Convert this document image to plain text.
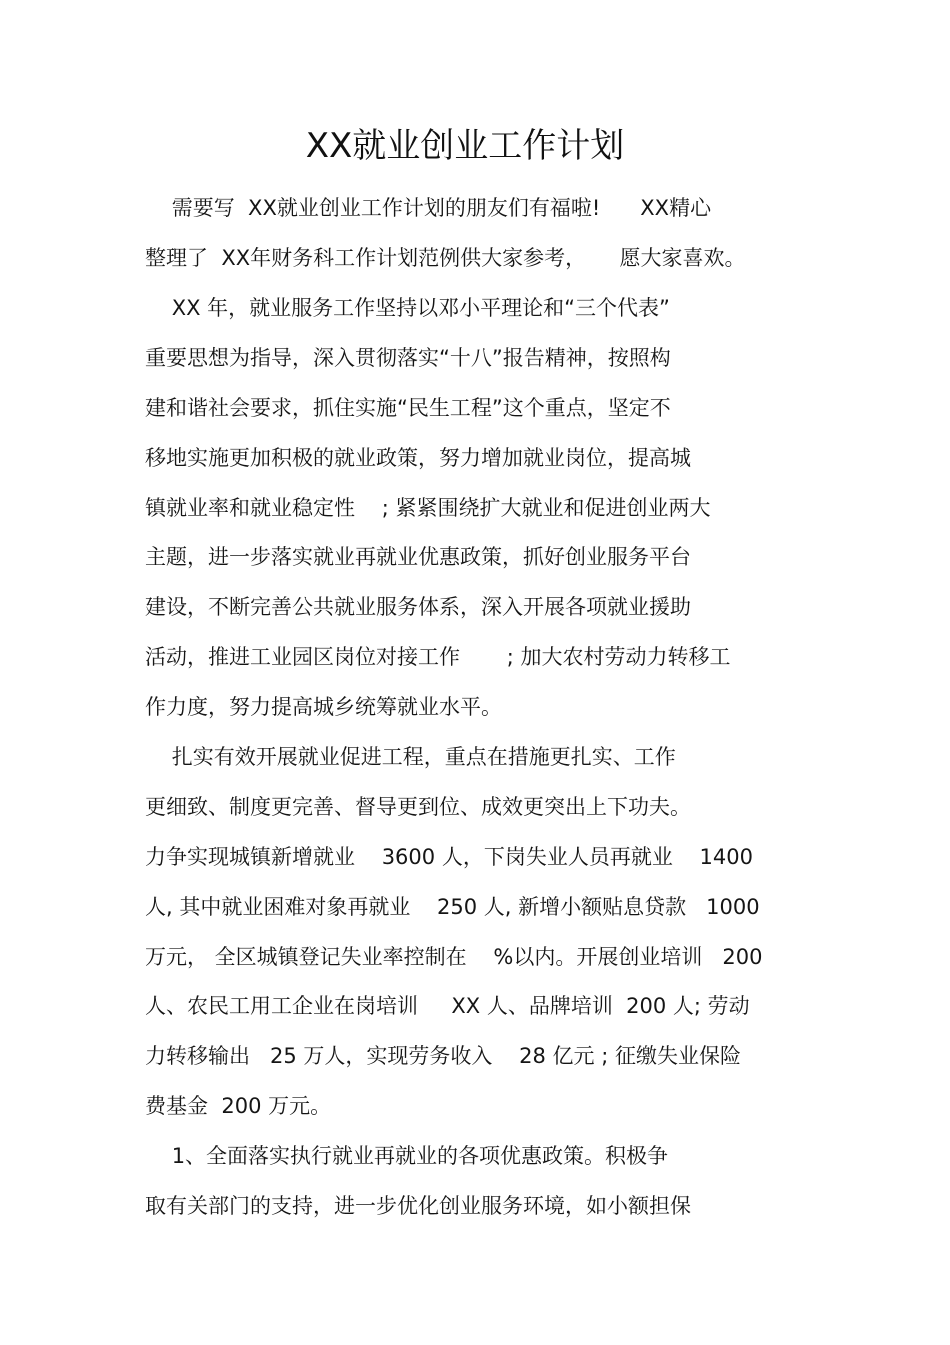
XX就业创业工作计划
需要写  XX就业创业工作计划的朋友们有福啦!      XX精心
整理了  XX年财务科工作计划范例供大家参考，     愿大家喜欢。
XX 年，就业服务工作坚持以邓小平理论和“三个代表”
重要思想为指导，深入贯彻落实“十八”报告精神，按照构
建和谐社会要求，抓住实施“民生工程”这个重点，坚定不
移地实施更加积极的就业政策，努力增加就业岗位，提高城
镇就业率和就业稳定性    ; 紧紧围绕扩大就业和促进创业两大
主题，进一步落实就业再就业优惠政策，抓好创业服务平台
建设，不断完善公共就业服务体系，深入开展各项就业援助
活动，推进工业园区岗位对接工作       ; 加大农村劳动力转移工
作力度，努力提高城乡统筹就业水平。
扎实有效开展就业促进工程，重点在措施更扎实、工作
更细致、制度更完善、督导更到位、成效更突出上下功夫。
力争实现城镇新增就业    3600 人，下岗失业人员再就业    1400
人, 其中就业困难对象再就业    250 人, 新增小额贴息贷款   1000
万元， 全区城镇登记失业率控制在    %以内。开展创业培训   200
人、农民工用工企业在岗培训     XX 人、品牌培训  200 人; 劳动
力转移输出   25 万人，实现劳务收入    28 亿元 ; 征缴失业保险
费基金  200 万元。
1、全面落实执行就业再就业的各项优惠政策。积极争
取有关部门的支持，进一步优化创业服务环境，如小额担保
